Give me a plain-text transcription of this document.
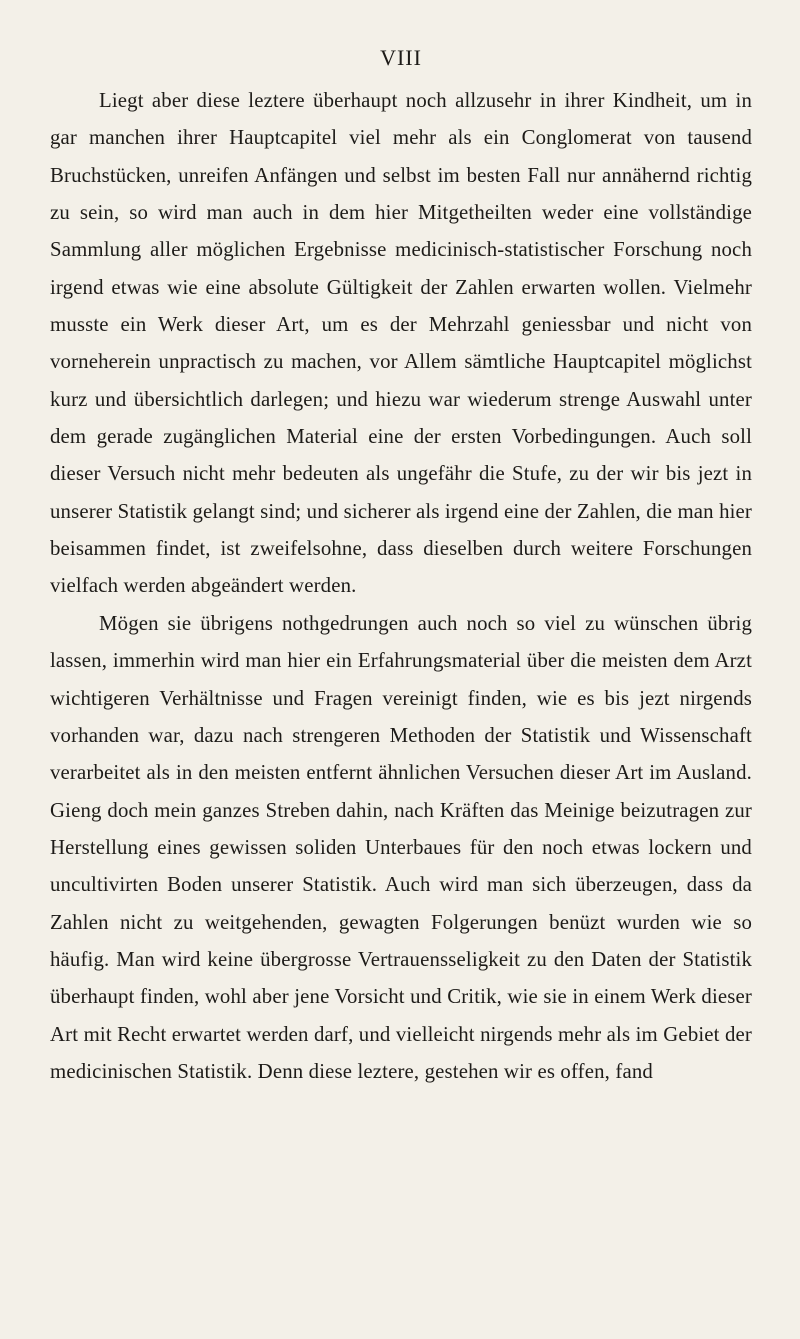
VIII

Liegt aber diese leztere überhaupt noch allzusehr in ihrer Kindheit, um in gar manchen ihrer Hauptcapitel viel mehr als ein Conglomerat von tausend Bruchstücken, unreifen Anfängen und selbst im besten Fall nur annähernd richtig zu sein, so wird man auch in dem hier Mitgetheilten weder eine vollständige Sammlung aller möglichen Ergebnisse medicinisch-statistischer Forschung noch irgend etwas wie eine absolute Gültigkeit der Zahlen erwarten wollen. Vielmehr musste ein Werk dieser Art, um es der Mehrzahl geniessbar und nicht von vorneherein unpractisch zu machen, vor Allem sämtliche Hauptcapitel möglichst kurz und übersichtlich darlegen; und hiezu war wiederum strenge Auswahl unter dem gerade zugänglichen Material eine der ersten Vorbedingungen. Auch soll dieser Versuch nicht mehr bedeuten als ungefähr die Stufe, zu der wir bis jezt in unserer Statistik gelangt sind; und sicherer als irgend eine der Zahlen, die man hier beisammen findet, ist zweifelsohne, dass dieselben durch weitere Forschungen vielfach werden abgeändert werden.

Mögen sie übrigens nothgedrungen auch noch so viel zu wünschen übrig lassen, immerhin wird man hier ein Erfahrungsmaterial über die meisten dem Arzt wichtigeren Verhältnisse und Fragen vereinigt finden, wie es bis jezt nirgends vorhanden war, dazu nach strengeren Methoden der Statistik und Wissenschaft verarbeitet als in den meisten entfernt ähnlichen Versuchen dieser Art im Ausland. Gieng doch mein ganzes Streben dahin, nach Kräften das Meinige beizutragen zur Herstellung eines gewissen soliden Unterbaues für den noch etwas lockern und uncultivirten Boden unserer Statistik. Auch wird man sich überzeugen, dass da Zahlen nicht zu weitgehenden, gewagten Folgerungen benüzt wurden wie so häufig. Man wird keine übergrosse Vertrauensseligkeit zu den Daten der Statistik überhaupt finden, wohl aber jene Vorsicht und Critik, wie sie in einem Werk dieser Art mit Recht erwartet werden darf, und vielleicht nirgends mehr als im Gebiet der medicinischen Statistik. Denn diese leztere, gestehen wir es offen, fand
